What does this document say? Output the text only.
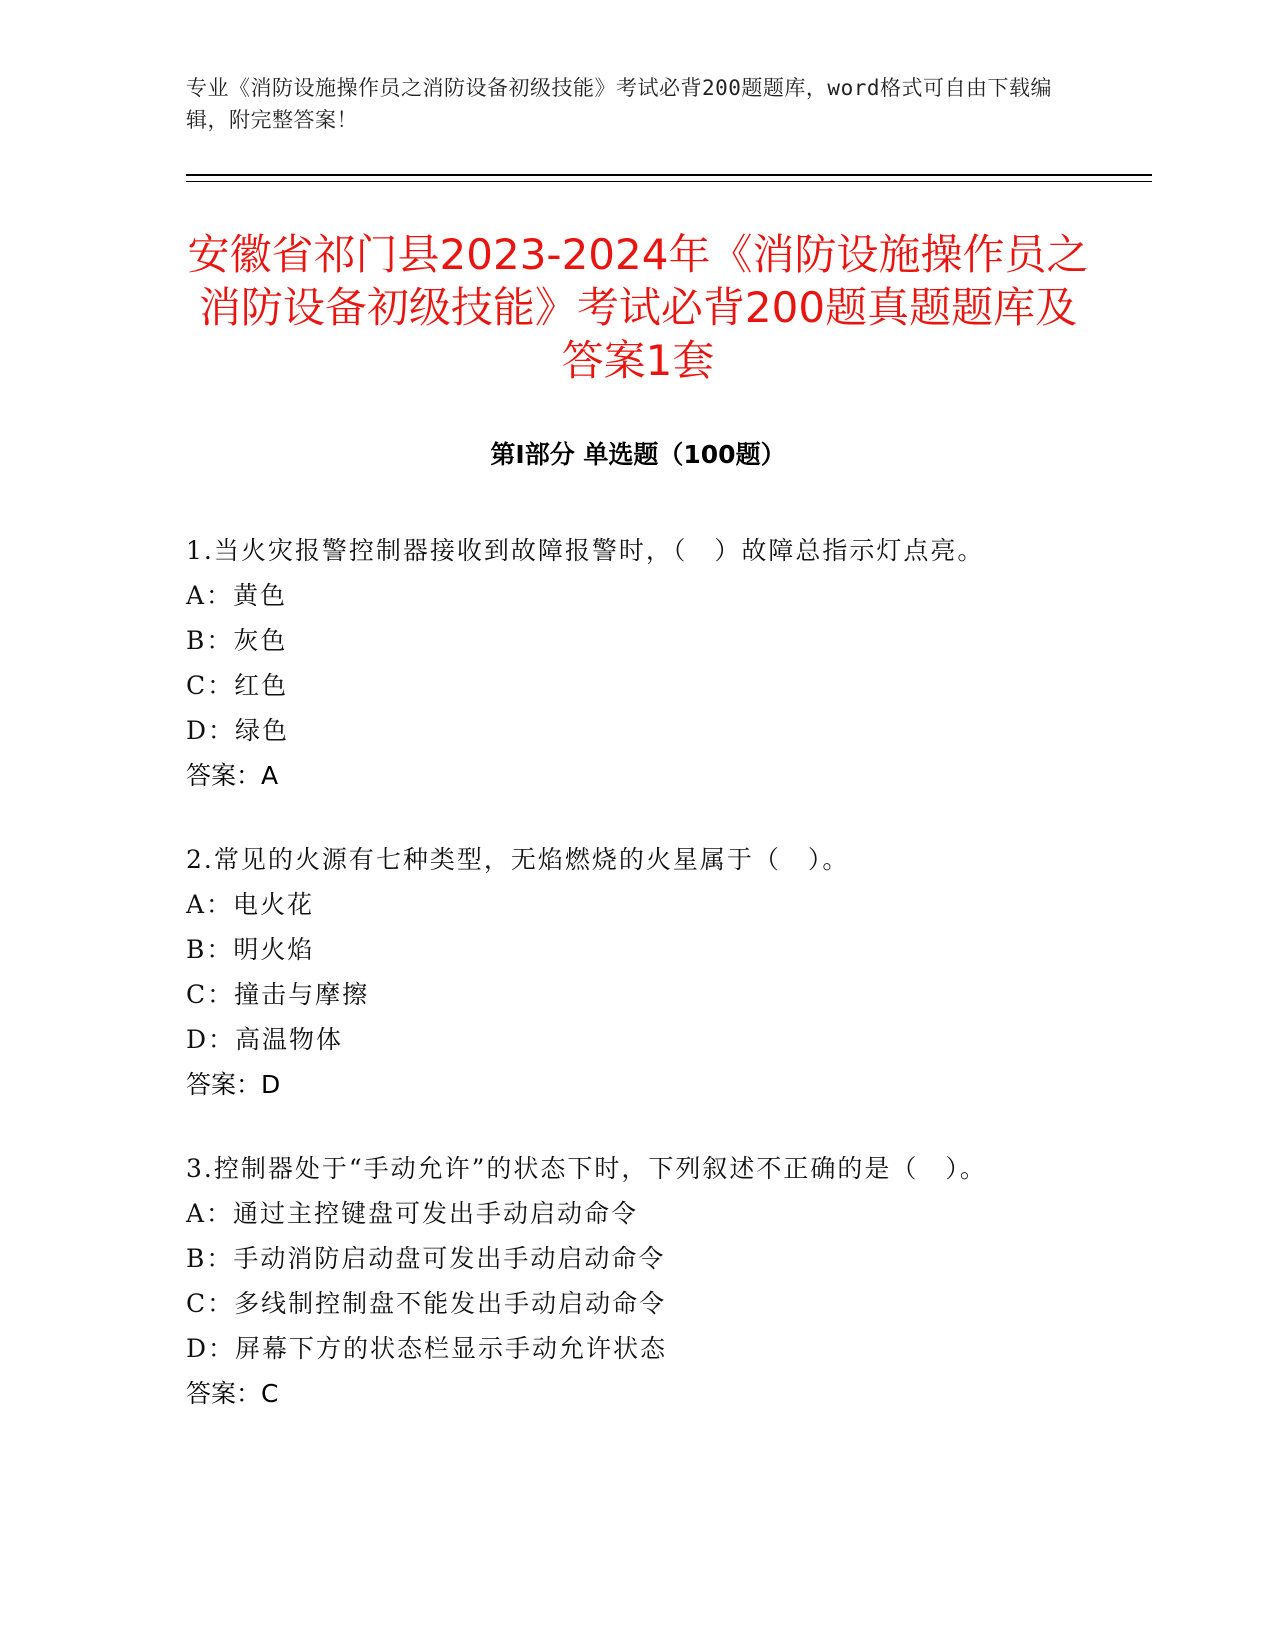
专业《消防设施操作员之消防设备初级技能》考试必背200题题库，word格式可自由下载编辑，附完整答案！
安徽省祁门县2023-2024年《消防设施操作员之消防设备初级技能》考试必背200题真题题库及答案1套
第Ⅰ部分 单选题（100题）
1.当火灾报警控制器接收到故障报警时，（　）故障总指示灯点亮。
A：黄色
B：灰色
C：红色
D：绿色
答案：A
2.常见的火源有七种类型，无焰燃烧的火星属于（　）。
A：电火花
B：明火焰
C：撞击与摩擦
D：高温物体
答案：D
3.控制器处于“手动允许”的状态下时，下列叙述不正确的是（　）。
A：通过主控键盘可发出手动启动命令
B：手动消防启动盘可发出手动启动命令
C：多线制控制盘不能发出手动启动命令
D：屏幕下方的状态栏显示手动允许状态
答案：C
